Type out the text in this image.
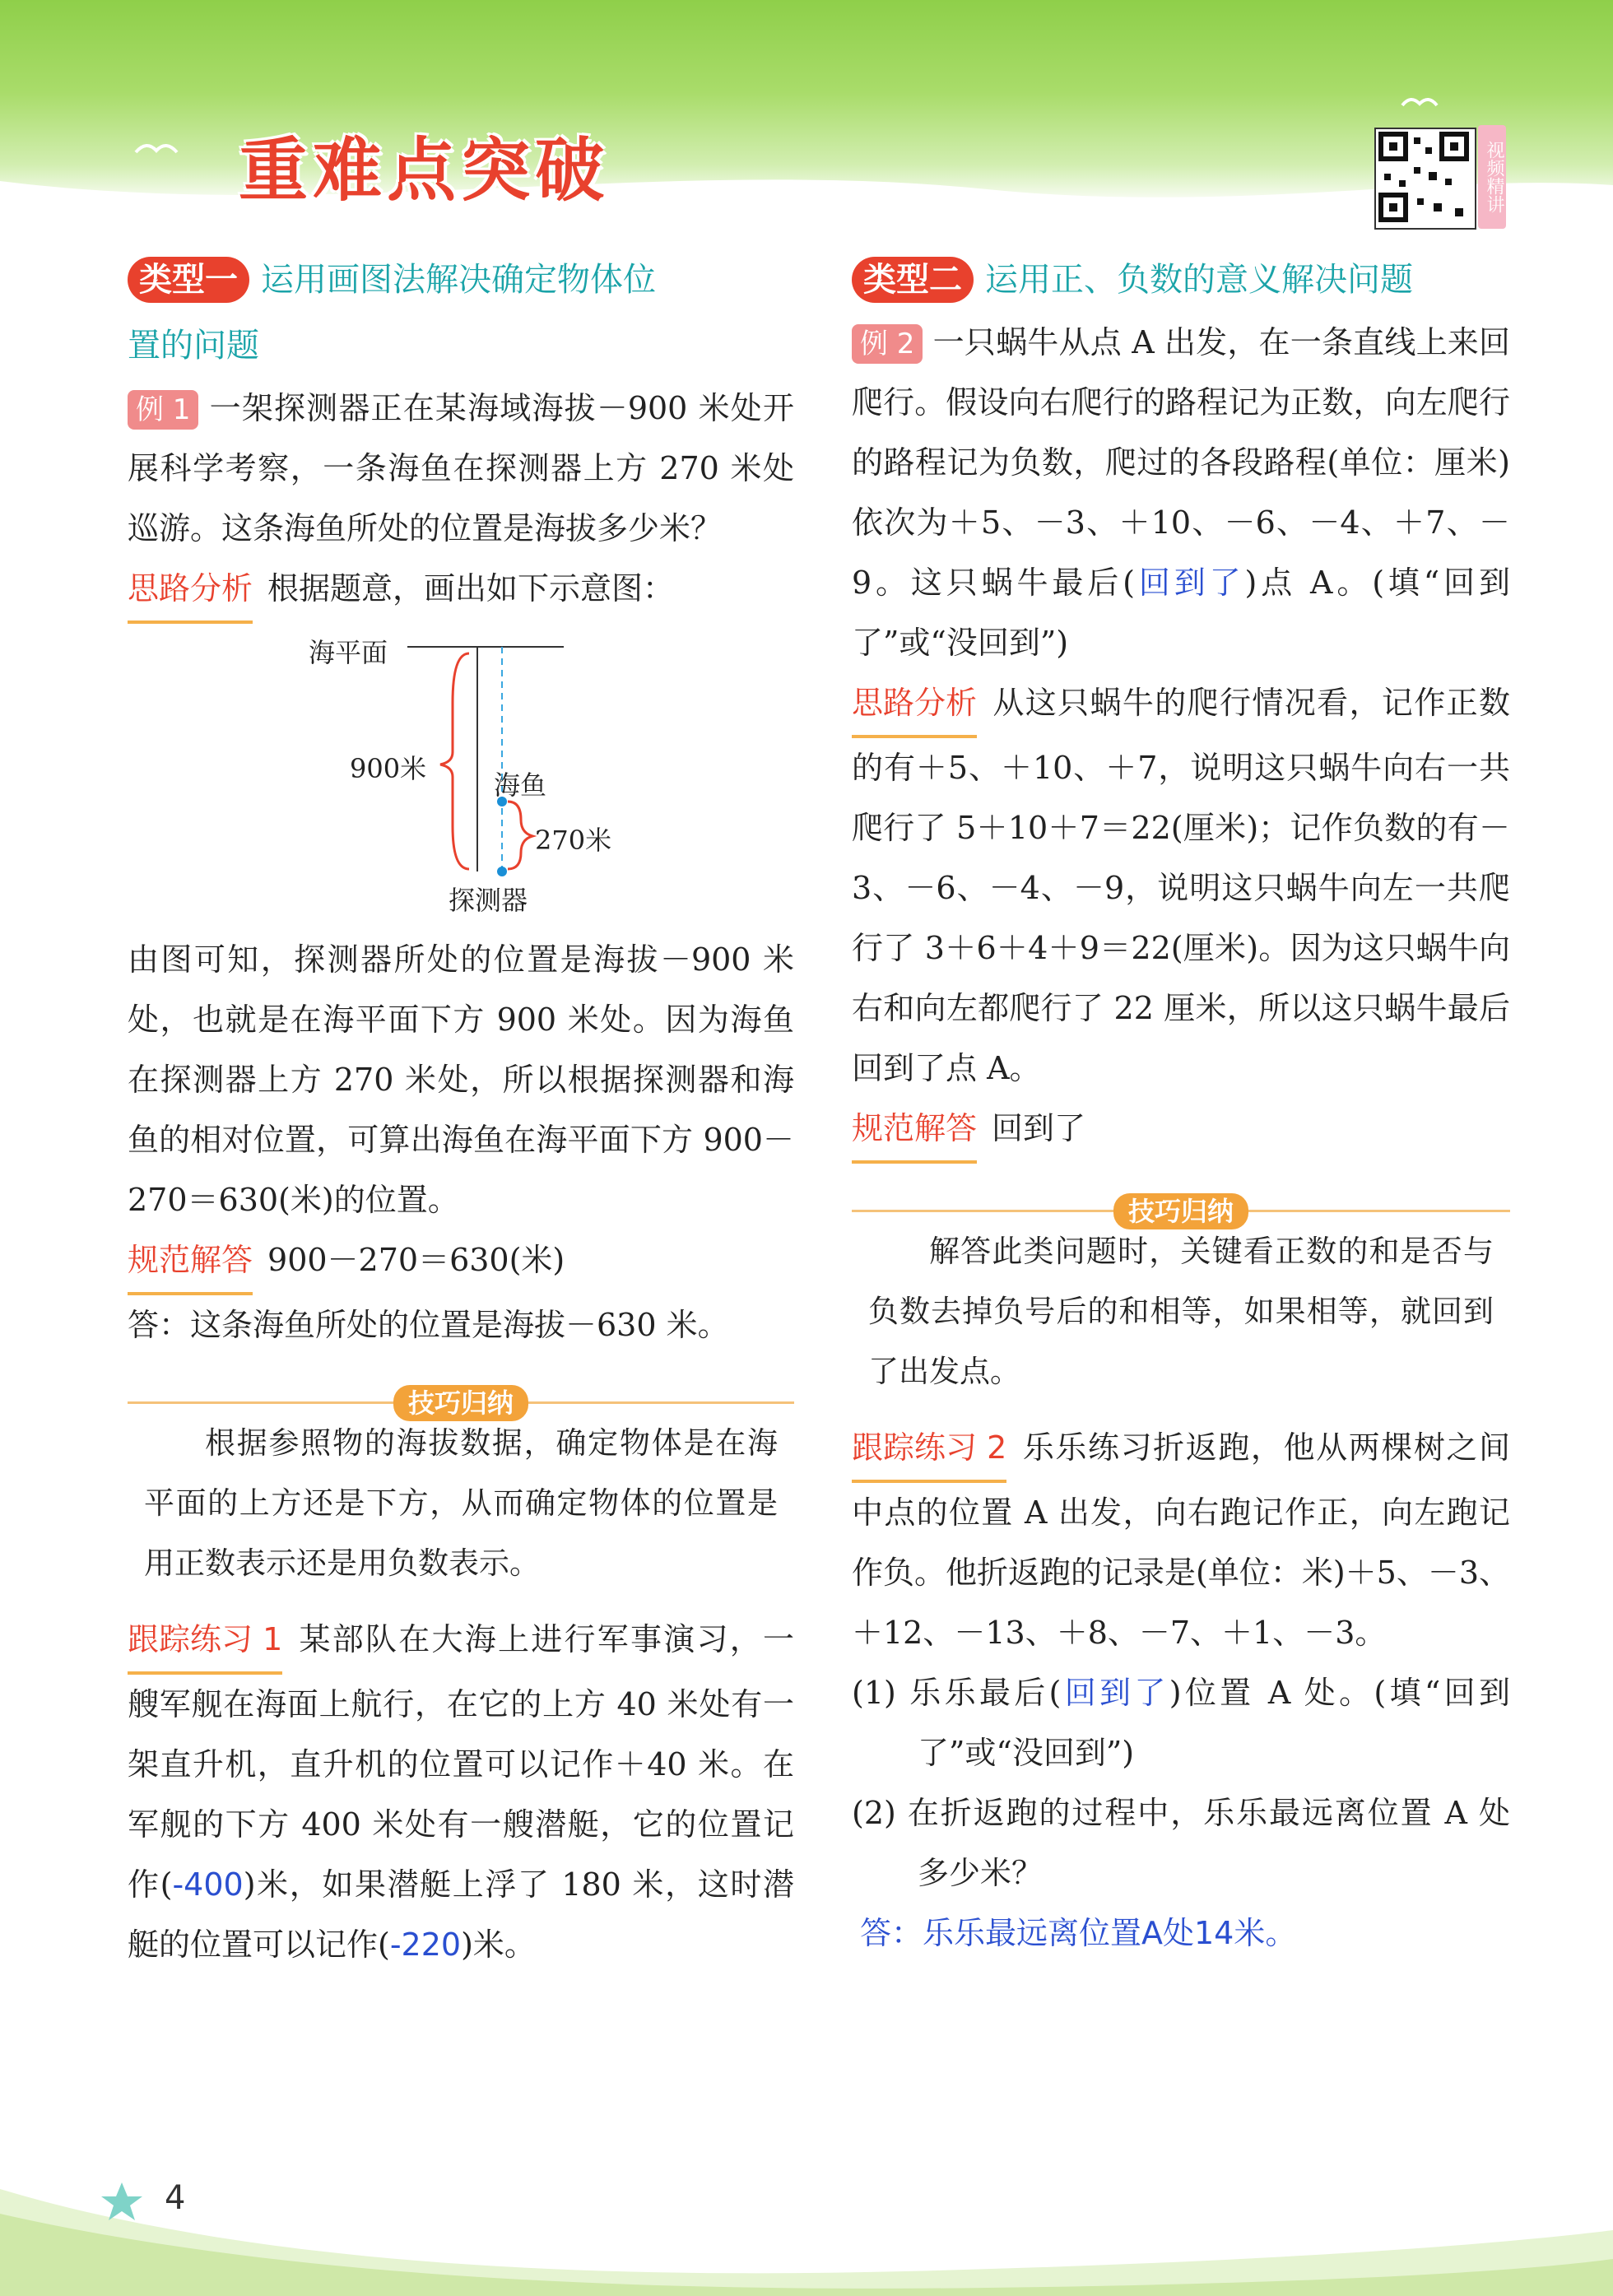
重难点突破	视频精讲
类型一 运用画图法解决确定物体位
置的问题

例 1 一架探测器正在某海域海拔－900 米处开展科学考察，一条海鱼在探测器上方 270 米处巡游。这条海鱼所处的位置是海拔多少米？

思路分析 根据题意，画出如下示意图：

海平面
900米
海鱼
270米
探测器

由图可知，探测器所处的位置是海拔－900 米处，也就是在海平面下方 900 米处。因为海鱼在探测器上方 270 米处，所以根据探测器和海鱼的相对位置，可算出海鱼在海平面下方 900－270＝630(米)的位置。

规范解答 900－270＝630(米)

答：这条海鱼所处的位置是海拔－630 米。

技巧归纳
根据参照物的海拔数据，确定物体是在海平面的上方还是下方，从而确定物体的位置是用正数表示还是用负数表示。

跟踪练习 1 某部队在大海上进行军事演习，一艘军舰在海面上航行，在它的上方 40 米处有一架直升机，直升机的位置可以记作＋40 米。在军舰的下方 400 米处有一艘潜艇，它的位置记作(-400)米，如果潜艇上浮了 180 米，这时潜艇的位置可以记作(-220)米。

类型二 运用正、负数的意义解决问题

例 2 一只蜗牛从点 A 出发，在一条直线上来回爬行。假设向右爬行的路程记为正数，向左爬行的路程记为负数，爬过的各段路程(单位：厘米)依次为＋5、－3、＋10、－6、－4、＋7、－9。这只蜗牛最后(回到了)点 A。(填“回到了”或“没回到”)

思路分析 从这只蜗牛的爬行情况看，记作正数的有＋5、＋10、＋7，说明这只蜗牛向右一共爬行了 5＋10＋7＝22(厘米)；记作负数的有－3、－6、－4、－9，说明这只蜗牛向左一共爬行了 3＋6＋4＋9＝22(厘米)。因为这只蜗牛向右和向左都爬行了 22 厘米，所以这只蜗牛最后回到了点 A。

规范解答 回到了

技巧归纳
解答此类问题时，关键看正数的和是否与负数去掉负号后的和相等，如果相等，就回到了出发点。

跟踪练习 2 乐乐练习折返跑，他从两棵树之间中点的位置 A 出发，向右跑记作正，向左跑记作负。他折返跑的记录是(单位：米)＋5、－3、＋12、－13、＋8、－7、＋1、－3。

(1) 乐乐最后(回到了)位置 A 处。(填“回到了”或“没回到”)

(2) 在折返跑的过程中，乐乐最远离位置 A 处多少米？

答：乐乐最远离位置A处14米。

4
